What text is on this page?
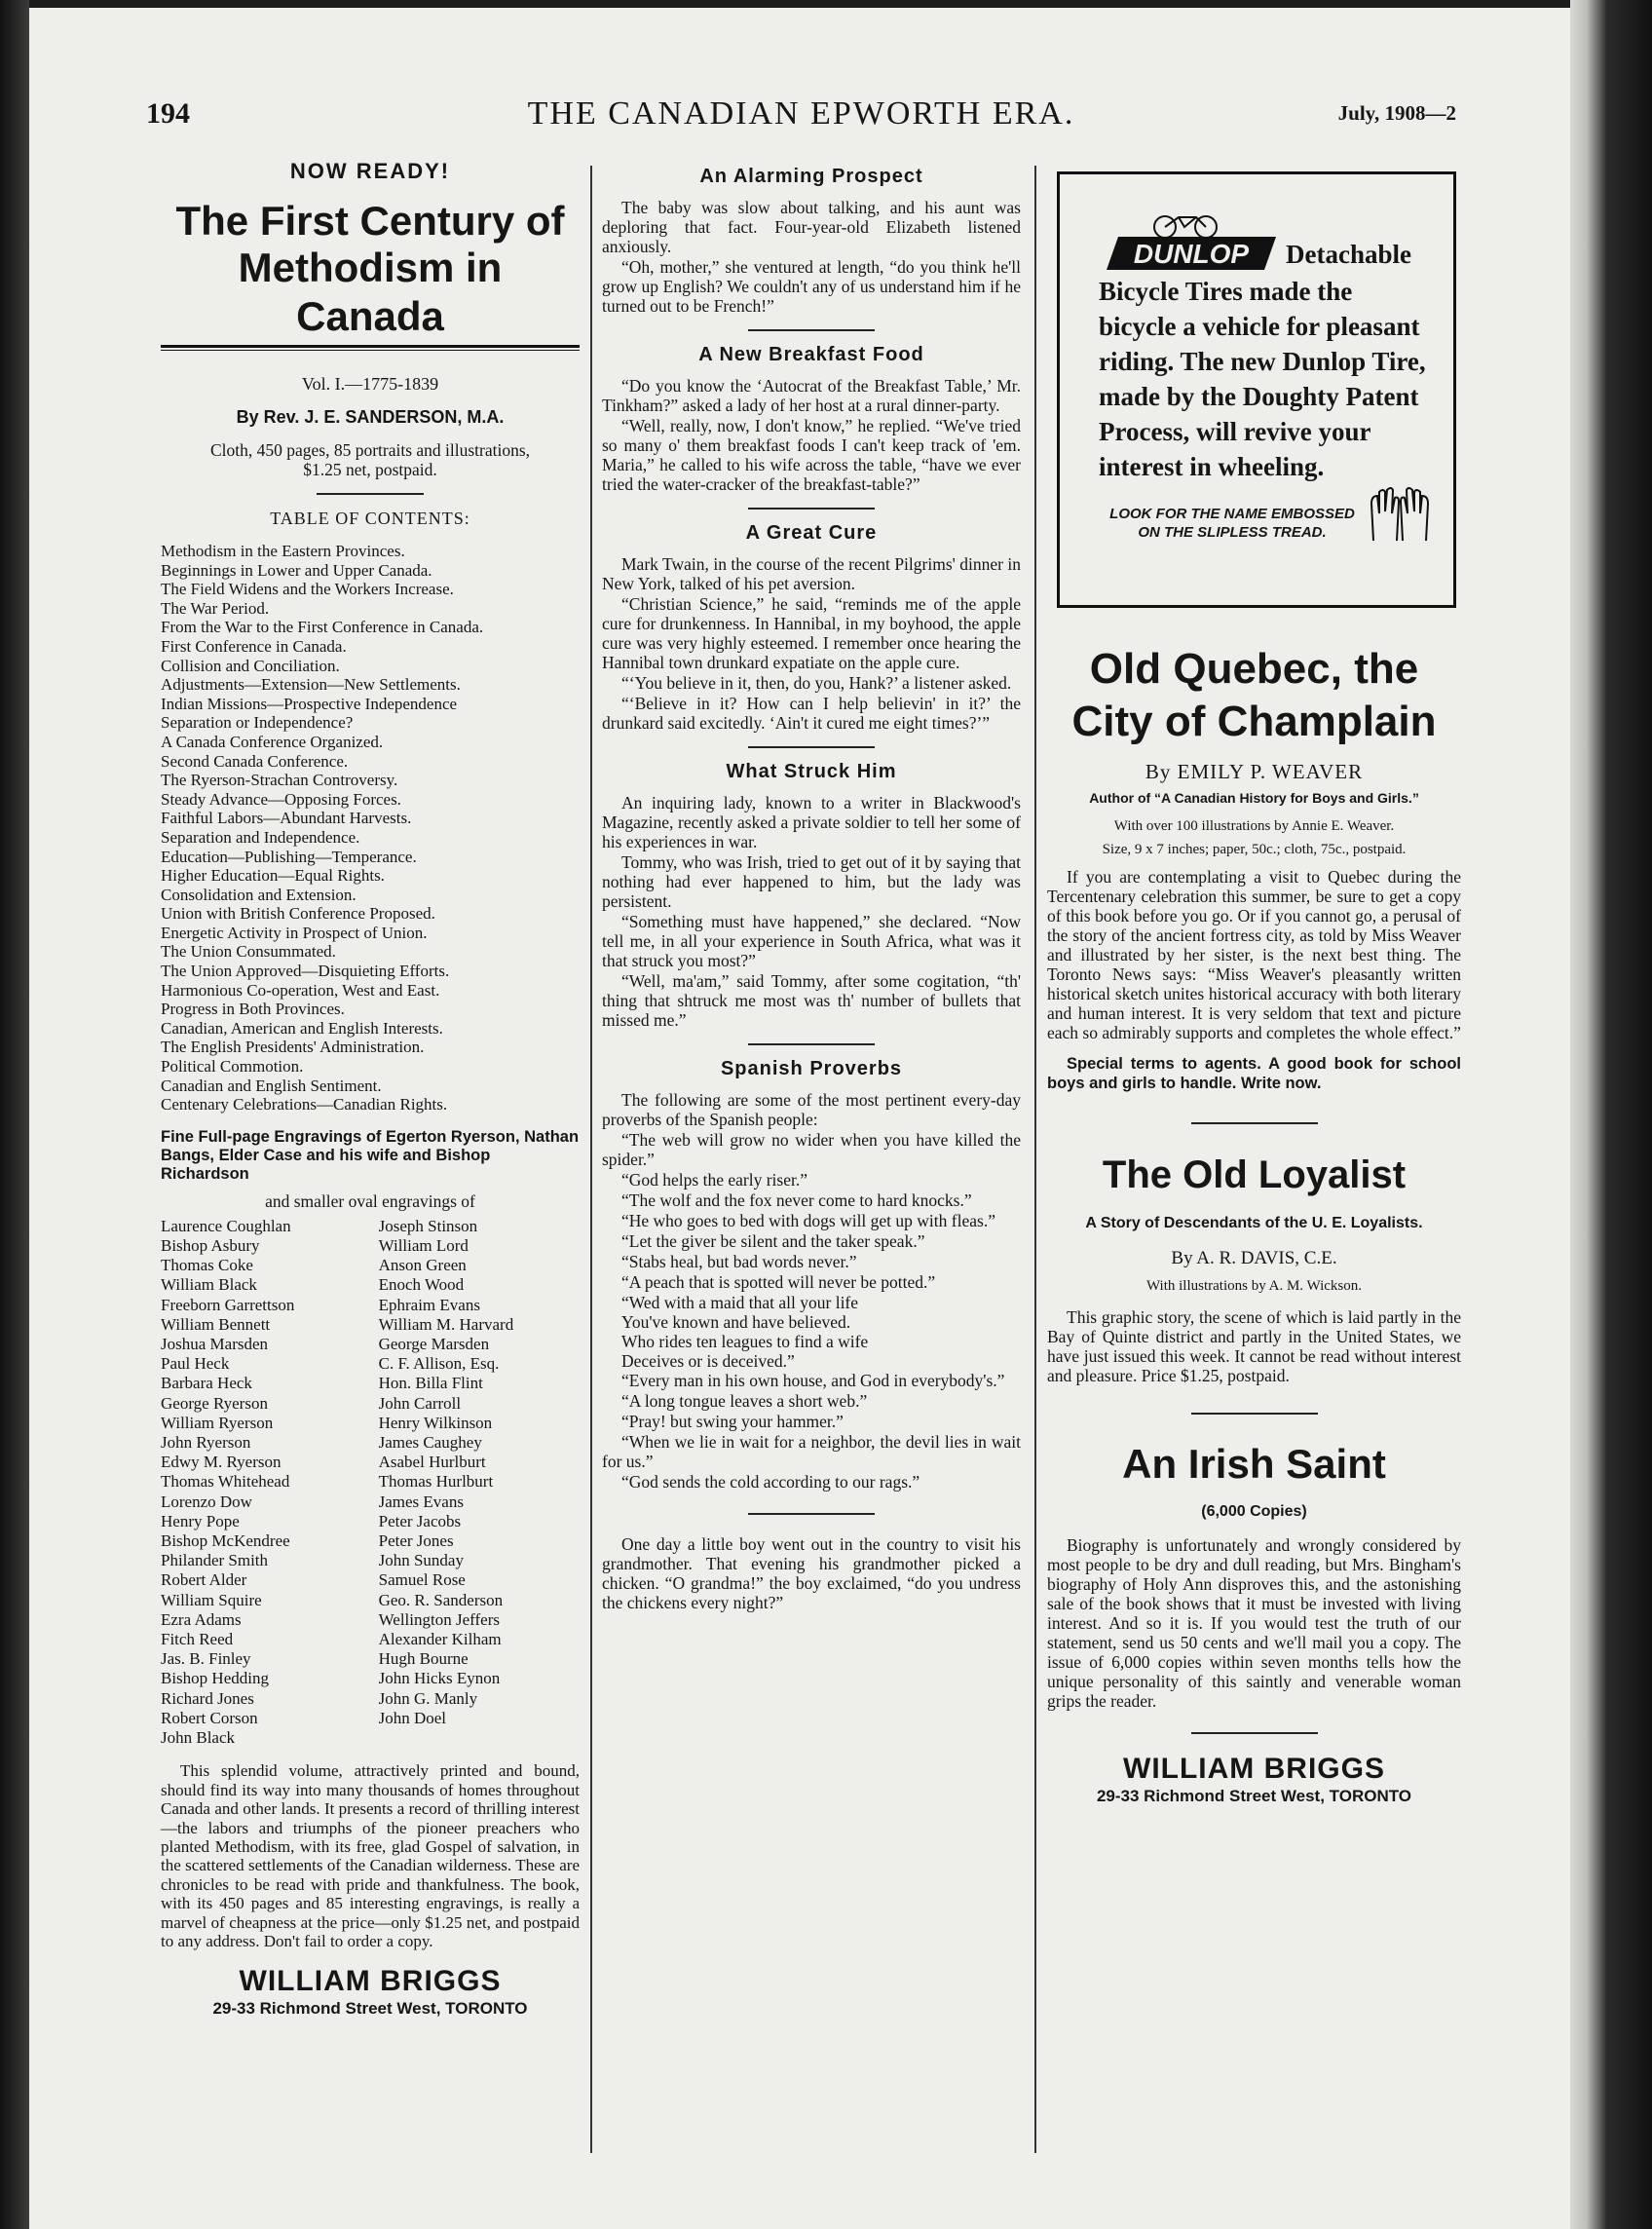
194	THE CANADIAN EPWORTH ERA.	July, 1908—2
NOW READY!
The First Century of
Methodism in Canada
Vol. I.—1775-1839
By Rev. J. E. SANDERSON, M.A.
Cloth, 450 pages, 85 portraits and illustrations,
$1.25 net, postpaid.
TABLE OF CONTENTS:
Methodism in the Eastern Provinces.
Beginnings in Lower and Upper Canada.
The Field Widens and the Workers Increase.
The War Period.
From the War to the First Conference in Canada.
First Conference in Canada.
Collision and Conciliation.
Adjustments—Extension—New Settlements.
Indian Missions—Prospective Independence
Separation or Independence?
A Canada Conference Organized.
Second Canada Conference.
The Ryerson-Strachan Controversy.
Steady Advance—Opposing Forces.
Faithful Labors—Abundant Harvests.
Separation and Independence.
Education—Publishing—Temperance.
Higher Education—Equal Rights.
Consolidation and Extension.
Union with British Conference Proposed.
Energetic Activity in Prospect of Union.
The Union Consummated.
The Union Approved—Disquieting Efforts.
Harmonious Co-operation, West and East.
Progress in Both Provinces.
Canadian, American and English Interests.
The English Presidents' Administration.
Political Commotion.
Canadian and English Sentiment.
Centenary Celebrations—Canadian Rights.
Fine Full-page Engravings of Egerton Ryerson, Nathan Bangs, Elder Case and his wife and Bishop Richardson
and smaller oval engravings of
Laurence Coughlan
Bishop Asbury
Thomas Coke
William Black
Freeborn Garrettson
William Bennett
Joshua Marsden
Paul Heck
Barbara Heck
George Ryerson
William Ryerson
John Ryerson
Edwy M. Ryerson
Thomas Whitehead
Lorenzo Dow
Henry Pope
Bishop McKendree
Philander Smith
Robert Alder
William Squire
Ezra Adams
Fitch Reed
Jas. B. Finley
Bishop Hedding
Richard Jones
Robert Corson
John Black
Joseph Stinson
William Lord
Anson Green
Enoch Wood
Ephraim Evans
William M. Harvard
George Marsden
C. F. Allison, Esq.
Hon. Billa Flint
John Carroll
Henry Wilkinson
James Caughey
Asabel Hurlburt
Thomas Hurlburt
James Evans
Peter Jacobs
Peter Jones
John Sunday
Samuel Rose
Geo. R. Sanderson
Wellington Jeffers
Alexander Kilham
Hugh Bourne
John Hicks Eynon
John G. Manly
John Doel

This splendid volume, attractively printed and bound, should find its way into many thousands of homes throughout Canada and other lands. It presents a record of thrilling interest—the labors and triumphs of the pioneer preachers who planted Methodism, with its free, glad Gospel of salvation, in the scattered settlements of the Canadian wilderness. These are chronicles to be read with pride and thankfulness. The book, with its 450 pages and 85 interesting engravings, is really a marvel of cheapness at the price—only $1.25 net, and postpaid to any address. Don't fail to order a copy.

WILLIAM BRIGGS
29-33 Richmond Street West, TORONTO
An Alarming Prospect

The baby was slow about talking, and his aunt was deploring that fact. Four-year-old Elizabeth listened anxiously.

“Oh, mother,” she ventured at length, “do you think he'll grow up English? We couldn't any of us understand him if he turned out to be French!”

A New Breakfast Food

“Do you know the ‘Autocrat of the Breakfast Table,’ Mr. Tinkham?” asked a lady of her host at a rural dinner-party.

“Well, really, now, I don't know,” he replied. “We've tried so many o' them breakfast foods I can't keep track of 'em. Maria,” he called to his wife across the table, “have we ever tried the water-cracker of the breakfast-table?”

A Great Cure

Mark Twain, in the course of the recent Pilgrims' dinner in New York, talked of his pet aversion.

“Christian Science,” he said, “reminds me of the apple cure for drunkenness. In Hannibal, in my boyhood, the apple cure was very highly esteemed. I remember once hearing the Hannibal town drunkard expatiate on the apple cure.

“‘You believe in it, then, do you, Hank?’ a listener asked.

“‘Believe in it? How can I help believin' in it?’ the drunkard said excitedly. ‘Ain't it cured me eight times?’”

What Struck Him

An inquiring lady, known to a writer in Blackwood's Magazine, recently asked a private soldier to tell her some of his experiences in war.

Tommy, who was Irish, tried to get out of it by saying that nothing had ever happened to him, but the lady was persistent.

“Something must have happened,” she declared. “Now tell me, in all your experience in South Africa, what was it that struck you most?”

“Well, ma'am,” said Tommy, after some cogitation, “th' thing that shtruck me most was th' number of bullets that missed me.”

Spanish Proverbs

The following are some of the most pertinent every-day proverbs of the Spanish people:

“The web will grow no wider when you have killed the spider.”

“God helps the early riser.”

“The wolf and the fox never come to hard knocks.”

“He who goes to bed with dogs will get up with fleas.”

“Let the giver be silent and the taker speak.”

“Stabs heal, but bad words never.”

“A peach that is spotted will never be potted.”

“Wed with a maid that all your life
You've known and have believed.
Who rides ten leagues to find a wife
Deceives or is deceived.”

“Every man in his own house, and God in everybody's.”

“A long tongue leaves a short web.”

“Pray! but swing your hammer.”

“When we lie in wait for a neighbor, the devil lies in wait for us.”

“God sends the cold according to our rags.”

One day a little boy went out in the country to visit his grandmother. That evening his grandmother picked a chicken. “O grandma!” the boy exclaimed, “do you undress the chickens every night?”

DUNLOP Detachable
Bicycle Tires made the bicycle a vehicle for pleasant riding. The new Dunlop Tire, made by the Doughty Patent Process, will revive your interest in wheeling.
LOOK FOR THE NAME EMBOSSED ON THE SLIPLESS TREAD.
Old Quebec, the City of Champlain
By EMILY P. WEAVER
Author of “A Canadian History for Boys and Girls.”
With over 100 illustrations by Annie E. Weaver.
Size, 9 x 7 inches; paper, 50c.; cloth, 75c., postpaid.

If you are contemplating a visit to Quebec during the Tercentenary celebration this summer, be sure to get a copy of this book before you go. Or if you cannot go, a perusal of the story of the ancient fortress city, as told by Miss Weaver and illustrated by her sister, is the next best thing. The Toronto News says: “Miss Weaver's pleasantly written historical sketch unites historical accuracy with both literary and human interest. It is very seldom that text and picture each so admirably supports and completes the whole effect.”

Special terms to agents. A good book for school boys and girls to handle. Write now.

The Old Loyalist
A Story of Descendants of the U. E. Loyalists.
By A. R. DAVIS, C.E.
With illustrations by A. M. Wickson.

This graphic story, the scene of which is laid partly in the Bay of Quinte district and partly in the United States, we have just issued this week. It cannot be read without interest and pleasure. Price $1.25, postpaid.

An Irish Saint
(6,000 Copies)

Biography is unfortunately and wrongly considered by most people to be dry and dull reading, but Mrs. Bingham's biography of Holy Ann disproves this, and the astonishing sale of the book shows that it must be invested with living interest. And so it is. If you would test the truth of our statement, send us 50 cents and we'll mail you a copy. The issue of 6,000 copies within seven months tells how the unique personality of this saintly and venerable woman grips the reader.

WILLIAM BRIGGS
29-33 Richmond Street West, TORONTO
